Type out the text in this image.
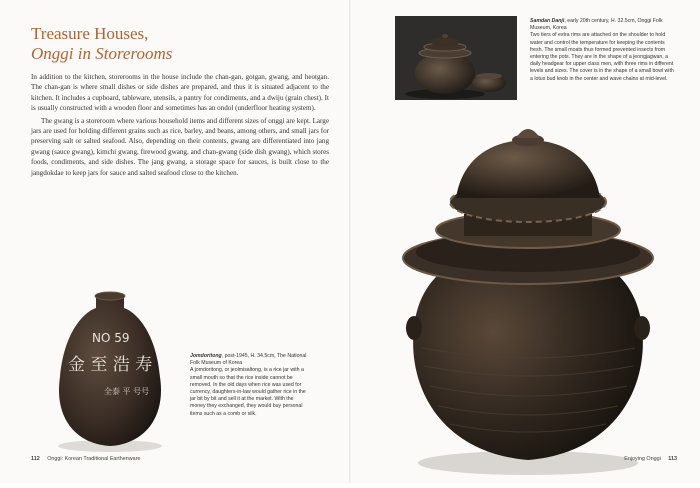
Treasure Houses,
Onggi in Storerooms

In addition to the kitchen, storerooms in the house include the chan-gan, gotgan, gwang, and heotgan. The chan-gan is where small dishes or side dishes are prepared, and thus it is situated adjacent to the kitchen. It includes a cupboard, tableware, utensils, a pantry for condiments, and a dwiju (grain chest). It is usually constructed with a wooden floor and sometimes has an ondol (underfloor heating system).

The gwang is a storeroom where various household items and different sizes of onggi are kept. Large jars are used for holding different grains such as rice, barley, and beans, among others, and small jars for preserving salt or salted seafood. Also, depending on their contents, gwang are differentiated into jang gwang (sauce gwang), kimchi gwang, firewood gwang, and chan-gwang (side dish gwang), which stores foods, condiments, and side dishes. The jang gwang, a storage space for sauces, is built close to the jangdokdae to keep jars for sauce and salted seafood close to the kitchen.

Samdan Danji, early 20th century, H. 32.5cm, Onggi Folk Museum, Korea
Two tiers of extra rims are attached on the shoulder to hold water and control the temperature for keeping the contents fresh. The small moats thus formed prevented insects from entering the pots. They are in the shape of a jeongjagwan, a daily headgear for upper class men, with three rims in different levels and sizes. The cover is in the shape of a small bowl with a lotus bud knob in the center and wave chains at mid-level.
NO 59
金 至 浩 寿
全泰 平 号号
Jomdoritong, post-1945, H. 34.5cm, The National Folk Museum of Korea
A jomdoritong, or jeolmisaltong, is a rice jar with a small mouth so that the rice inside cannot be removed. In the old days when rice was used for currency, daughters-in-law would gather rice in the jar bit by bit and sell it at the market. With the money they exchanged, they would buy personal items such as a comb or silk.
112 Onggi: Korean Traditional Earthenware	Enjoying Onggi 113
